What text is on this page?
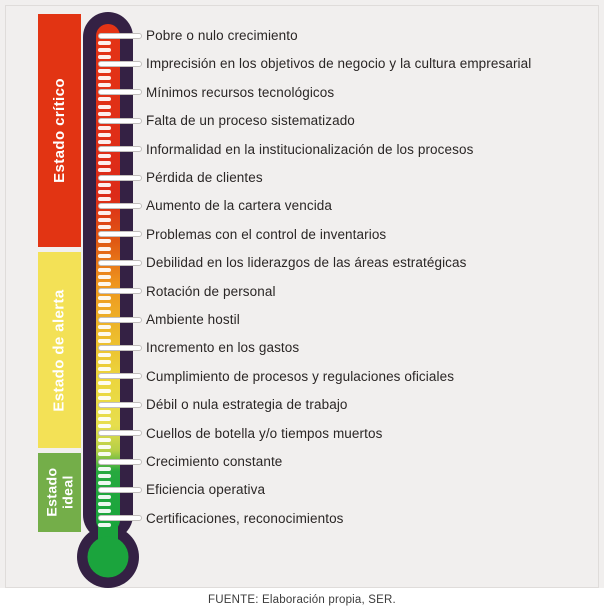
Estado crítico
Estado de alerta
Estado ideal
Pobre o nulo crecimiento
Imprecisión en los objetivos de negocio y la cultura empresarial
Mínimos recursos tecnológicos
Falta de un proceso sistematizado
Informalidad en la institucionalización de los procesos
Pérdida de clientes
Aumento de la cartera vencida
Problemas con el control de inventarios
Debilidad en los liderazgos de las áreas estratégicas
Rotación de personal
Ambiente hostil
Incremento en los gastos
Cumplimiento de procesos y regulaciones oficiales
Débil o nula estrategia de trabajo
Cuellos de botella y/o tiempos muertos
Crecimiento constante
Eficiencia operativa
Certificaciones, reconocimientos
FUENTE: Elaboración propia, SER.
